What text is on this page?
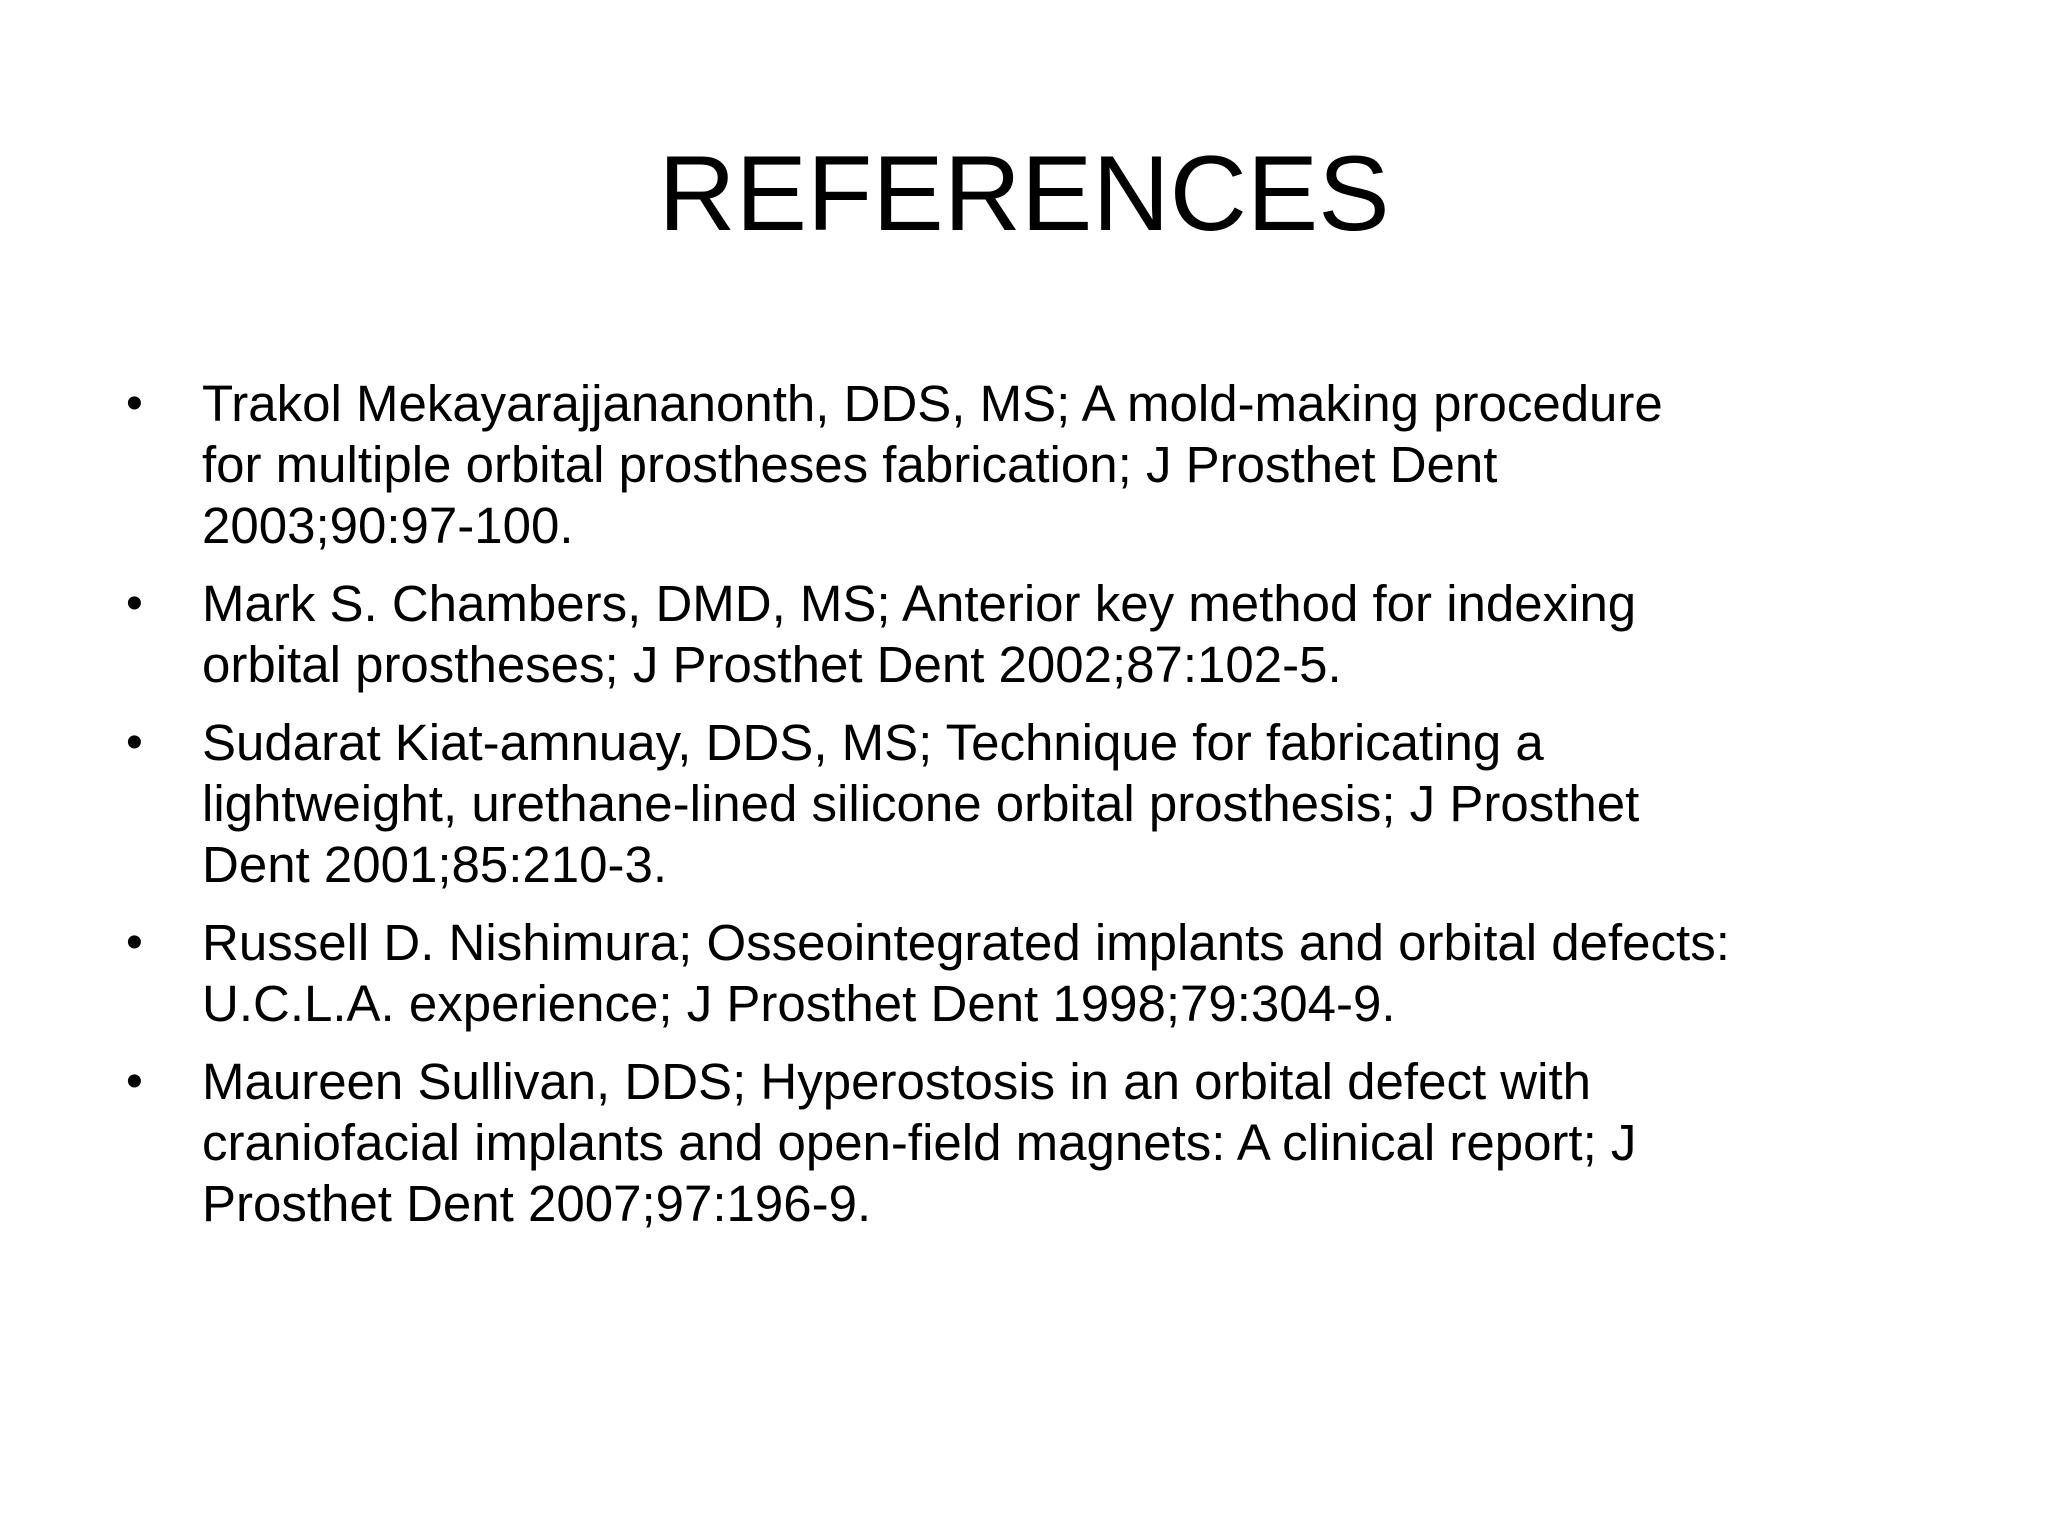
REFERENCES
• Trakol Mekayarajjananonth, DDS, MS; A mold-making procedure
for multiple orbital prostheses fabrication; J Prosthet Dent
2003;90:97-100.
• Mark S. Chambers, DMD, MS; Anterior key method for indexing
orbital prostheses; J Prosthet Dent 2002;87:102-5.
• Sudarat Kiat-amnuay, DDS, MS; Technique for fabricating a
lightweight, urethane-lined silicone orbital prosthesis; J Prosthet
Dent 2001;85:210-3.
• Russell D. Nishimura; Osseointegrated implants and orbital defects:
U.C.L.A. experience; J Prosthet Dent 1998;79:304-9.
• Maureen Sullivan, DDS; Hyperostosis in an orbital defect with
craniofacial implants and open-field magnets: A clinical report; J
Prosthet Dent 2007;97:196-9.
